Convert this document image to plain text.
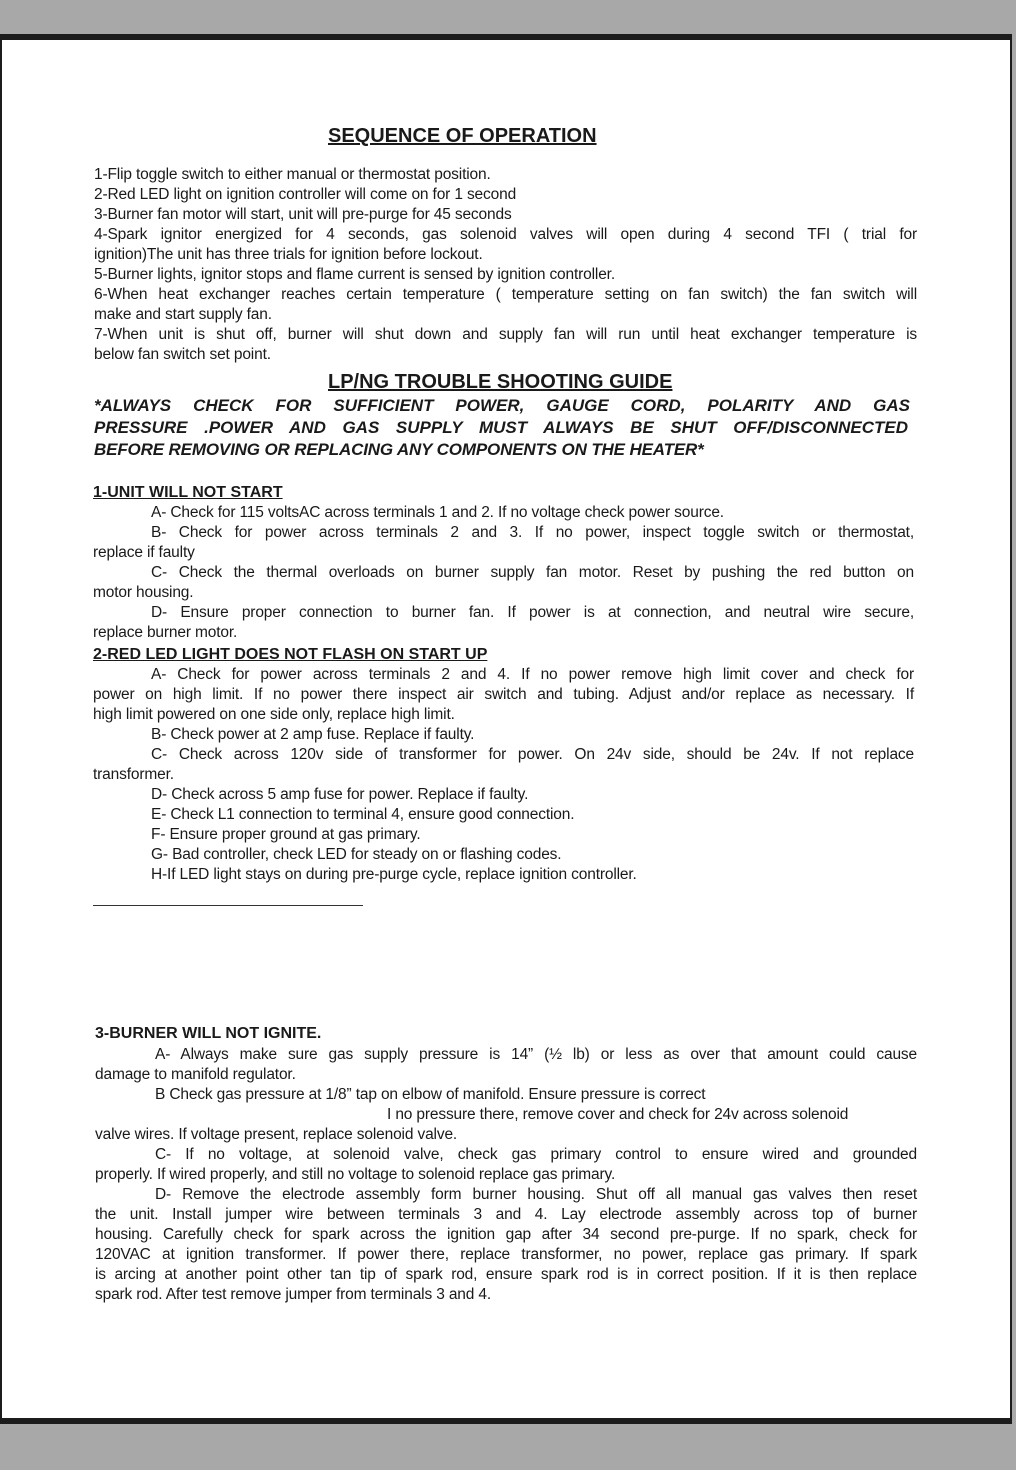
SEQUENCE OF OPERATION
1-Flip toggle switch to either manual or thermostat position.
2-Red LED light on ignition controller will come on for 1 second
3-Burner fan motor will start, unit will pre-purge for 45 seconds
4-Spark ignitor energized for 4 seconds, gas solenoid valves will open during 4 second TFI ( trial for
ignition)The unit has three trials for ignition before lockout.
5-Burner lights, ignitor stops and flame current is sensed by ignition controller.
6-When heat exchanger reaches certain temperature ( temperature setting on fan switch) the fan switch will
make and start supply fan.
7-When unit is shut off, burner will shut down and supply fan will run until heat exchanger temperature is
below fan switch set point.
LP/NG TROUBLE SHOOTING GUIDE
*ALWAYS CHECK FOR SUFFICIENT POWER, GAUGE CORD, POLARITY AND GAS
PRESSURE .POWER AND GAS SUPPLY MUST ALWAYS BE SHUT OFF/DISCONNECTED
BEFORE REMOVING OR REPLACING ANY COMPONENTS ON THE HEATER*
1-UNIT WILL NOT START
A- Check for 115 voltsAC across terminals 1 and 2. If no voltage check power source.
B- Check for power across terminals 2 and 3. If no power, inspect toggle switch or thermostat,
replace if faulty
C- Check the thermal overloads on burner supply fan motor. Reset by pushing the red button on
motor housing.
D- Ensure proper connection to burner fan. If power is at connection, and neutral wire secure,
replace burner motor.
2-RED LED LIGHT DOES NOT FLASH ON START UP
A- Check for power across terminals 2 and 4. If no power remove high limit cover and check for
power on high limit. If no power there inspect air switch and tubing. Adjust and/or replace as necessary. If
high limit powered on one side only, replace high limit.
B- Check power at 2 amp fuse. Replace if faulty.
C- Check across 120v side of transformer for power. On 24v side, should be 24v. If not replace
transformer.
D- Check across 5 amp fuse for power. Replace if faulty.
E- Check L1 connection to terminal 4, ensure good connection.
F- Ensure proper ground at gas primary.
G- Bad controller, check LED for steady on or flashing codes.
H-If LED light stays on during pre-purge cycle, replace ignition controller.
3-BURNER WILL NOT IGNITE.
A- Always make sure gas supply pressure is 14” (½ lb) or less as over that amount could cause
damage to manifold regulator.
B Check gas pressure at 1/8” tap on elbow of manifold. Ensure pressure is correct
I no pressure there, remove cover and check for 24v across solenoid
valve wires. If voltage present, replace solenoid valve.
C- If no voltage, at solenoid valve, check gas primary control to ensure wired and grounded
properly. If wired properly, and still no voltage to solenoid replace gas primary.
D- Remove the electrode assembly form burner housing. Shut off all manual gas valves then reset
the unit. Install jumper wire between terminals 3 and 4. Lay electrode assembly across top of burner
housing. Carefully check for spark across the ignition gap after 34 second pre-purge. If no spark, check for
120VAC at ignition transformer. If power there, replace transformer, no power, replace gas primary. If spark
is arcing at another point other tan tip of spark rod, ensure spark rod is in correct position. If it is then replace
spark rod. After test remove jumper from terminals 3 and 4.
